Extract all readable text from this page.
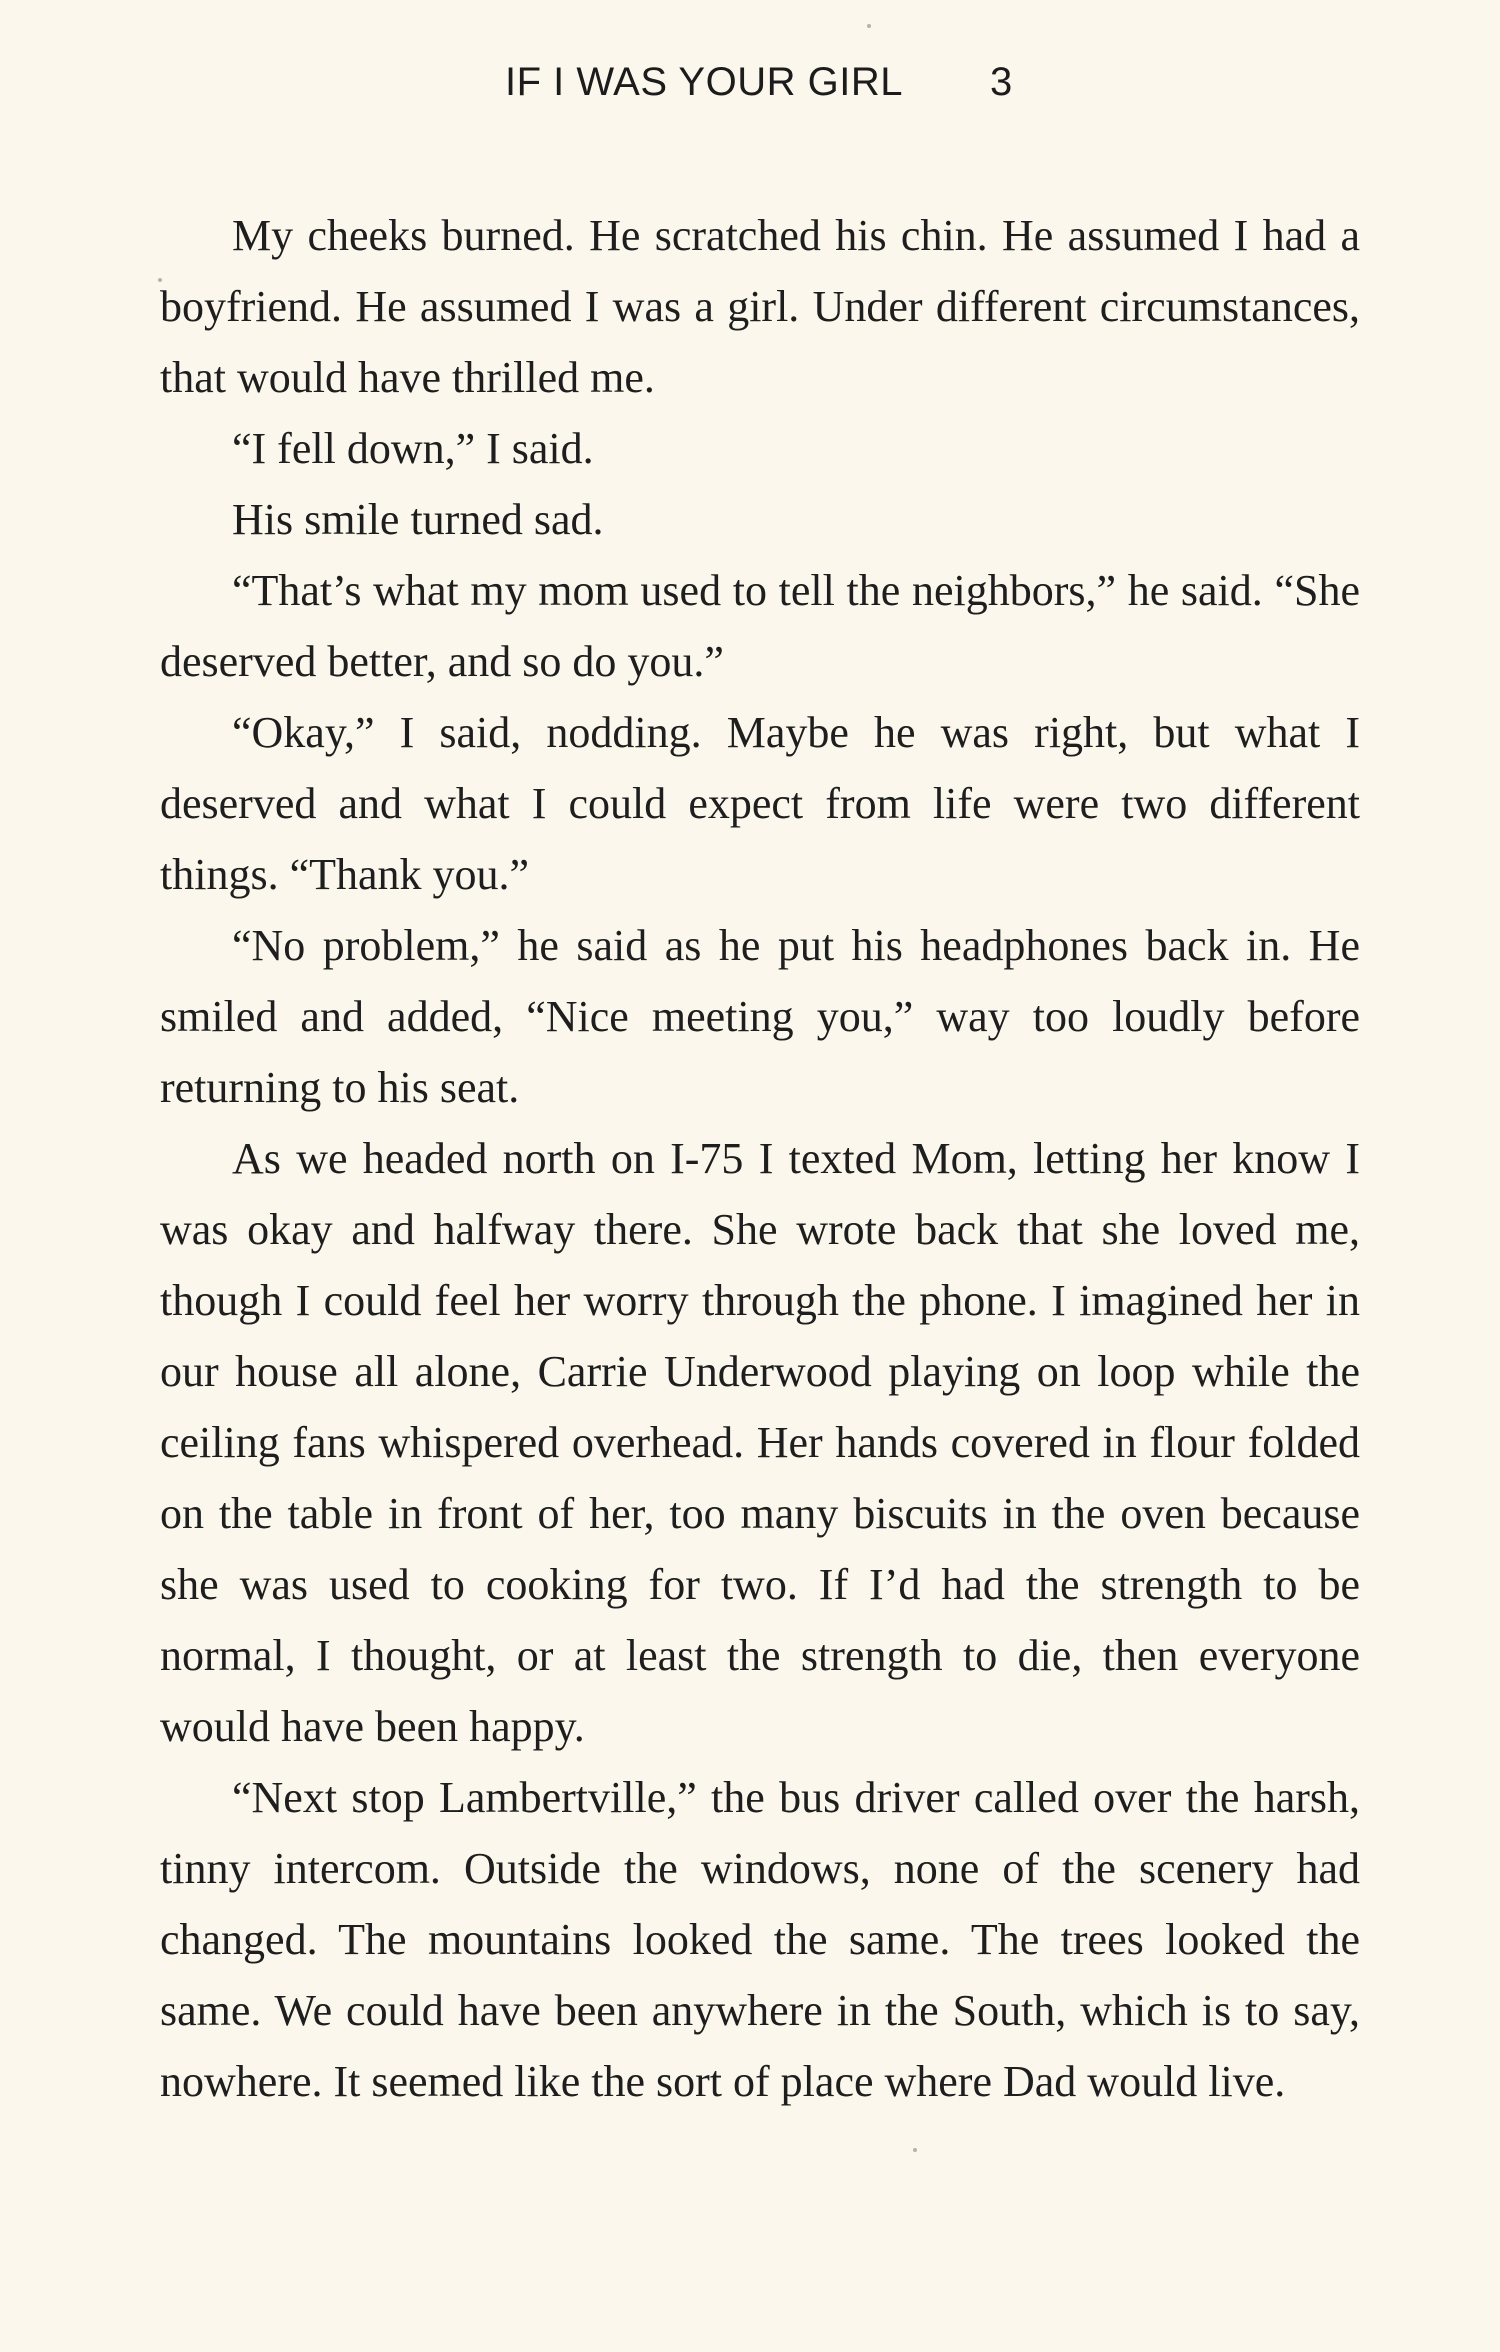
IF I WAS YOUR GIRL 3

My cheeks burned. He scratched his chin. He assumed I had a boyfriend. He assumed I was a girl. Under different circumstances, that would have thrilled me.

“I fell down,” I said.

His smile turned sad.

“That’s what my mom used to tell the neighbors,” he said. “She deserved better, and so do you.”

“Okay,” I said, nodding. Maybe he was right, but what I deserved and what I could expect from life were two different things. “Thank you.”

“No problem,” he said as he put his headphones back in. He smiled and added, “Nice meeting you,” way too loudly before returning to his seat.

As we headed north on I-75 I texted Mom, letting her know I was okay and halfway there. She wrote back that she loved me, though I could feel her worry through the phone. I imagined her in our house all alone, Carrie Underwood playing on loop while the ceiling fans whispered overhead. Her hands covered in flour folded on the table in front of her, too many biscuits in the oven because she was used to cooking for two. If I’d had the strength to be normal, I thought, or at least the strength to die, then everyone would have been happy.

“Next stop Lambertville,” the bus driver called over the harsh, tinny intercom. Outside the windows, none of the scenery had changed. The mountains looked the same. The trees looked the same. We could have been anywhere in the South, which is to say, nowhere. It seemed like the sort of place where Dad would live.
